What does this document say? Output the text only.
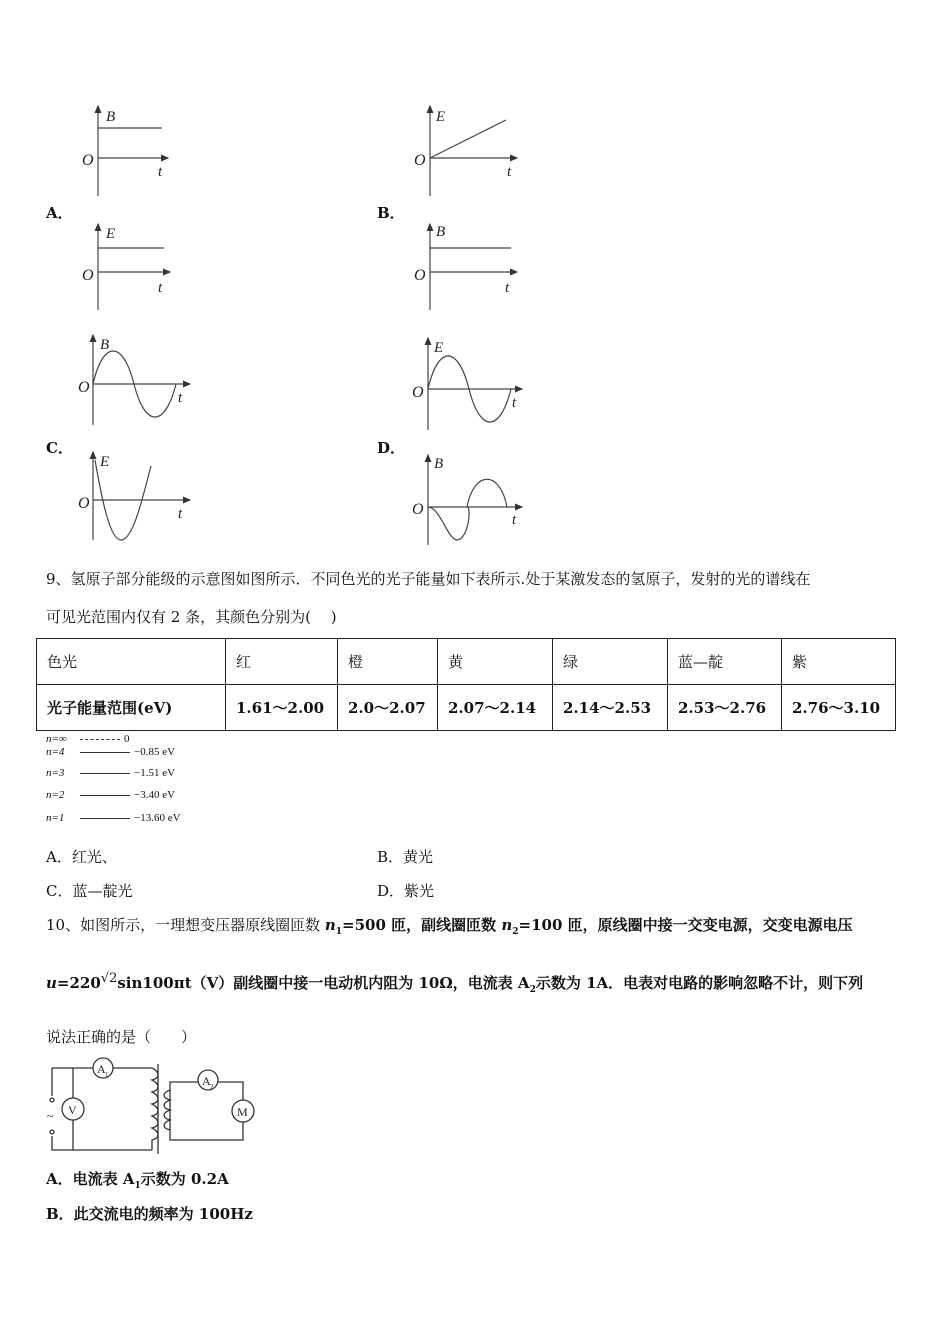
B
O
t
E
O
t
E
O
t
B
O
t
B
O
t
E
O
t
E
O
t
B
O
t
A．	B．
C．	D．
9、氢原子部分能级的示意图如图所示．不同色光的光子能量如下表所示.处于某激发态的氢原子，发射的光的谱线在
可见光范围内仅有 2 条，其颜色分别为(　 )
色光	红	橙	黄	绿	蓝—靛	紫
光子能量范围(eV)	1.61～2.00	2.0～2.07	2.07～2.14	2.14～2.53	2.53～2.76	2.76～3.10
n=∞	0
n=4	−0.85 eV
n=3	−1.51 eV
n=2	−3.40 eV
n=1	−13.60 eV
A．红光、	B．黄光
C．蓝—靛光	D．紫光
10、如图所示，一理想变压器原线圈匝数 $n_1=500$ 匝，副线圈匝数 $n_2=100$ 匝，原线圈中接一交变电源，交变电源电压
$u=220^{√2}\sin 100\pi t(V)$副线圈中接一电动机内阻为 10Ω，电流表 $A_2$示数为 1A．电表对电路的影响忽略不计，则下列
说法正确的是（　　）
A 1
V
A 2
M
~
A．电流表 $A_1$示数为 0.2A
B．此交流电的频率为 100Hz
